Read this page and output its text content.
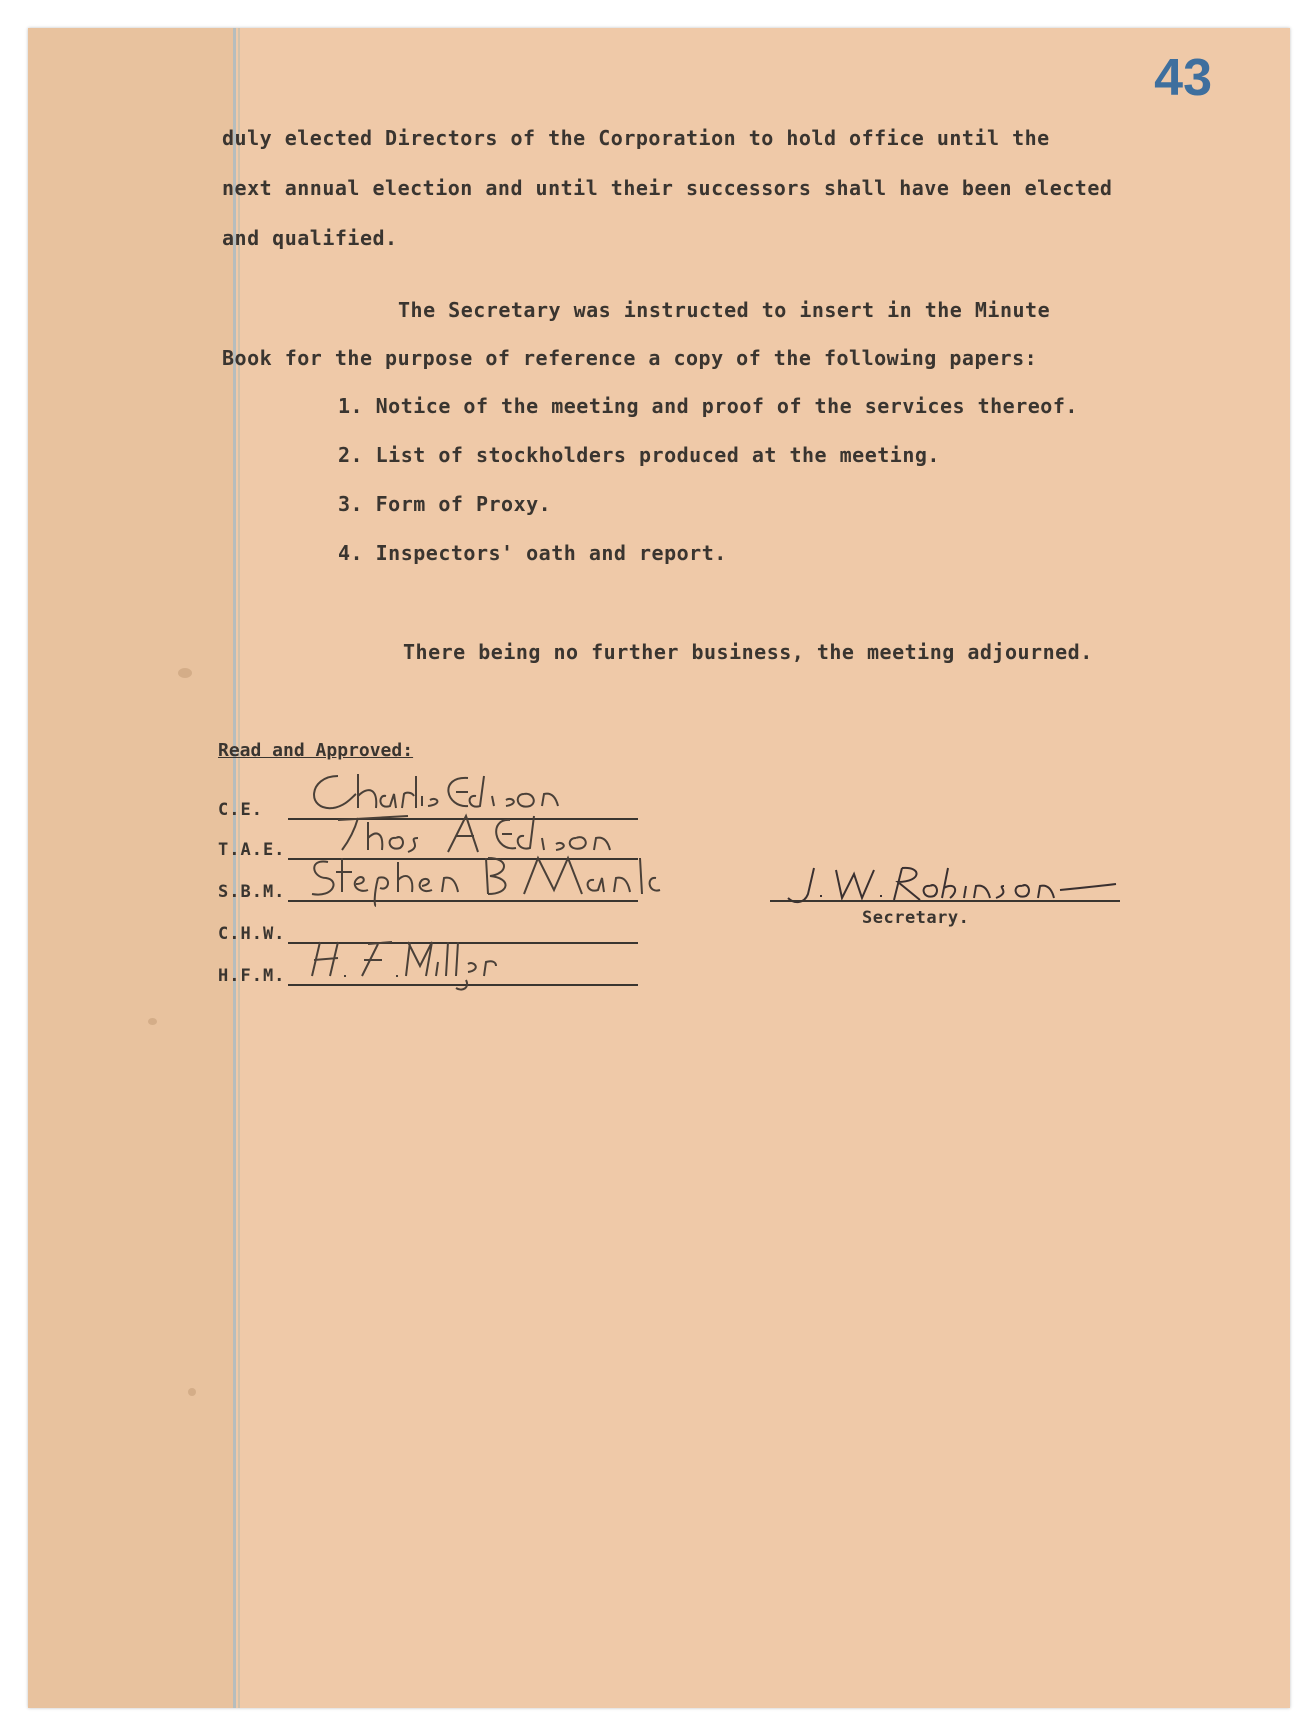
43

duly elected Directors of the Corporation to hold office until the

next annual election and until their successors shall have been elected

and qualified.

The Secretary was instructed to insert in the Minute

Book for the purpose of reference a copy of the following papers:

1. Notice of the meeting and proof of the services thereof.

2. List of stockholders produced at the meeting.

3. Form of Proxy.

4. Inspectors' oath and report.

There being no further business, the meeting adjourned.

Read and Approved:
C.E.
T.A.E.
S.B.M.
C.H.W.
H.F.M.
Secretary.
